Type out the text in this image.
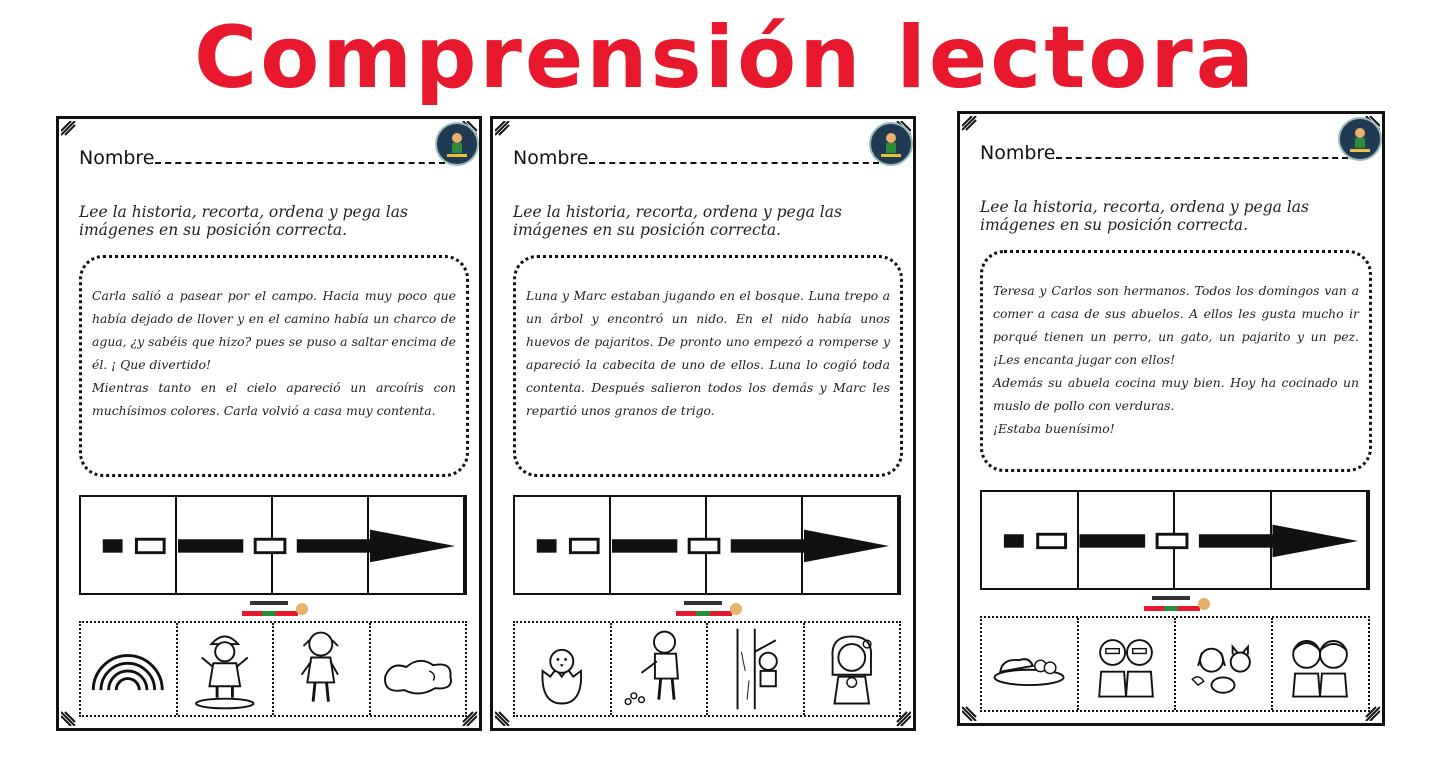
Comprensión lectora
Nombre
Lee la historia, recorta, ordena y pega las imágenes en su posición correcta.

Carla salió a pasear por el campo. Hacia muy poco que había dejado de llover y en el camino había un charco de agua, ¿y sabéis que hizo? pues se puso a saltar encima de él. ¡ Que divertido!
Mientras tanto en el cielo apareció un arcoíris con muchísimos colores. Carla volvió a casa muy contenta.

Nombre
Lee la historia, recorta, ordena y pega las imágenes en su posición correcta.

Luna y Marc estaban jugando en el bosque. Luna trepo a un árbol y encontró un nido. En el nido había unos huevos de pajaritos. De pronto uno empezó a romperse y apareció la cabecita de uno de ellos. Luna lo cogió toda contenta. Después salieron todos los demás y Marc les repartió unos granos de trigo.

Nombre
Lee la historia, recorta, ordena y pega las imágenes en su posición correcta.

Teresa y Carlos son hermanos. Todos los domingos van a comer a casa de sus abuelos. A ellos les gusta mucho ir porqué tienen un perro, un gato, un pajarito y un pez. ¡Les encanta jugar con ellos!
Además su abuela cocina muy bien. Hoy ha cocinado un muslo de pollo con verduras.
¡Estaba buenísimo!
